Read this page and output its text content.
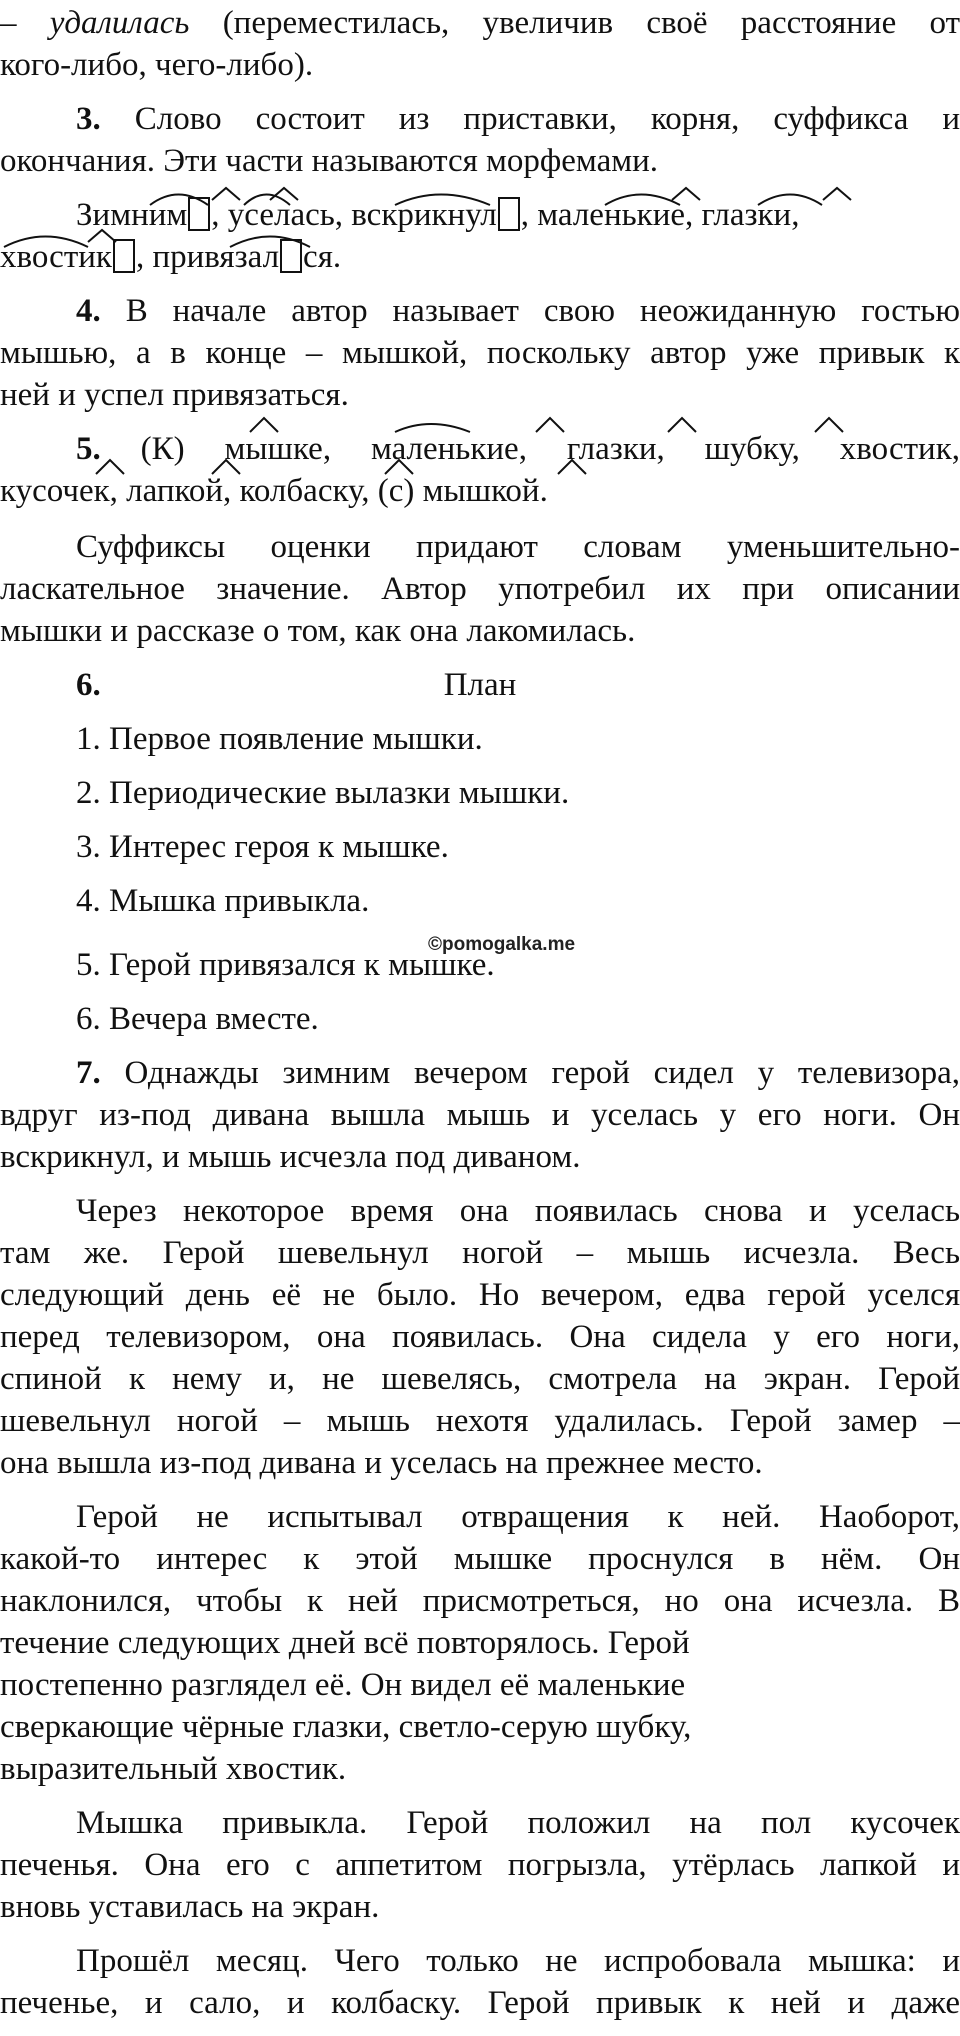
– удалилась (переместилась, увеличив своё расстояние от
кого-либо, чего-либо).
3. Слово состоит из приставки, корня, суффикса и
окончания. Эти части называются морфемами.
Зимним , уселась, вскрикнул , маленькие, глазки,
хвостик , привязал ся.
4. В начале автор называет свою неожиданную гостью
мышью, а в конце – мышкой, поскольку автор уже привык к
ней и успел привязаться.
5. (К) мышке, маленькие, глазки, шубку, хвостик,
кусочек, лапкой, колбаску, (с) мышкой.
Суффиксы оценки придают словам уменьшительно-
ласкательное значение. Автор употребил их при описании
мышки и рассказе о том, как она лакомилась.
6.	План
1. Первое появление мышки.
2. Периодические вылазки мышки.
3. Интерес героя к мышке.
4. Мышка привыкла.
5. Герой привязался к мышке.
6. Вечера вместе.
©pomogalka.me
7. Однажды зимним вечером герой сидел у телевизора,
вдруг из-под дивана вышла мышь и уселась у его ноги. Он
вскрикнул, и мышь исчезла под диваном.
Через некоторое время она появилась снова и уселась
там же. Герой шевельнул ногой – мышь исчезла. Весь
следующий день её не было. Но вечером, едва герой уселся
перед телевизором, она появилась. Она сидела у его ноги,
спиной к нему и, не шевелясь, смотрела на экран. Герой
шевельнул ногой – мышь нехотя удалилась. Герой замер –
она вышла из-под дивана и уселась на прежнее место.
Герой не испытывал отвращения к ней. Наоборот,
какой-то интерес к этой мышке проснулся в нём. Он
наклонился, чтобы к ней присмотреться, но она исчезла. В
течение следующих дней всё повторялось. Герой
постепенно разглядел её. Он видел её маленькие
сверкающие чёрные глазки, светло-серую шубку,
выразительный хвостик.
Мышка привыкла. Герой положил на пол кусочек
печенья. Она его с аппетитом погрызла, утёрлась лапкой и
вновь уставилась на экран.
Прошёл месяц. Чего только не испробовала мышка: и
печенье, и сало, и колбаску. Герой привык к ней и даже
